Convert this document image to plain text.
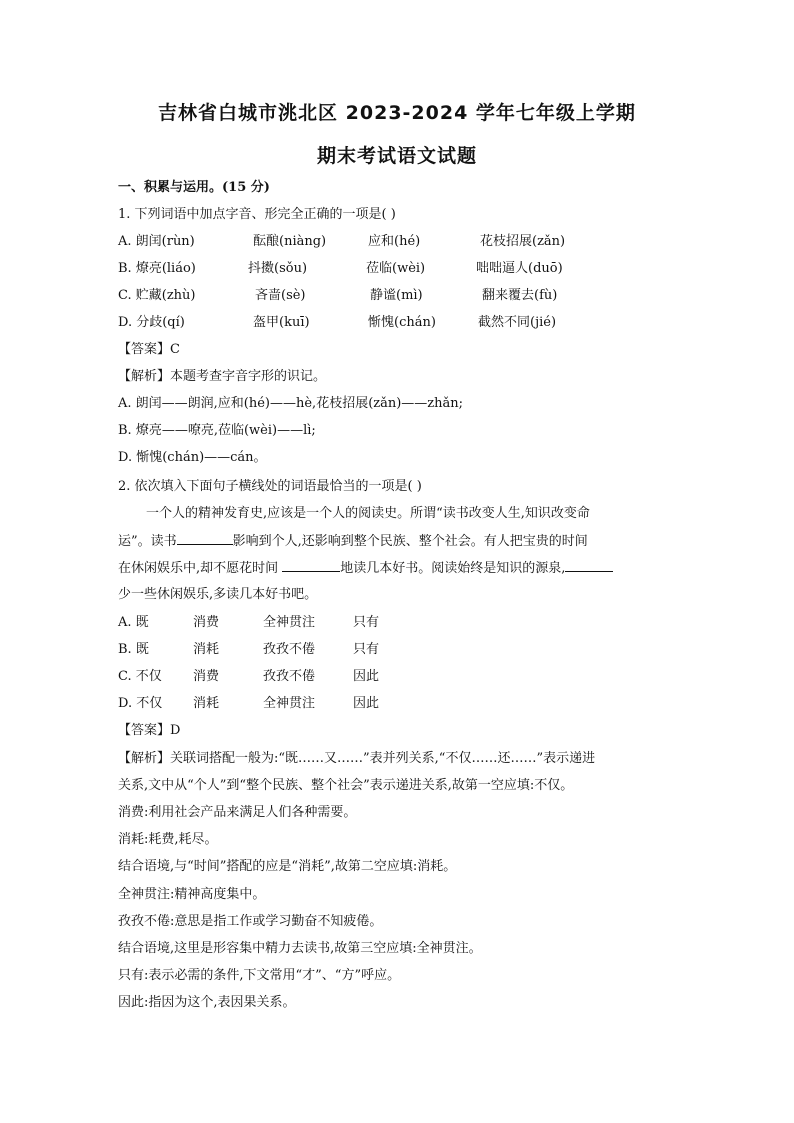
吉林省白城市洮北区 2023-2024 学年七年级上学期
期末考试语文试题
一、积累与运用。(15 分)
1. 下列词语中加点字音、形完全正确的一项是( )
A. 朗闰(rùn)	酝酿(niàng)	应和(hé)	花枝招展(zǎn)
B. 燎亮(liáo)	抖擞(sǒu)	莅临(wèi)	咄咄逼人(duō)
C. 贮藏(zhù)	吝啬(sè)	静谧(mì)	翻来覆去(fù)
D. 分歧(qí)	盔甲(kuī)	惭愧(chán)	截然不同(jié)
【答案】C
【解析】本题考查字音字形的识记。
A. 朗闰——朗润,应和(hé)——hè,花枝招展(zǎn)——zhǎn;
B. 燎亮——嘹亮,莅临(wèi)——lì;
D. 惭愧(chán)——cán。
2. 依次填入下面句子横线处的词语最恰当的一项是( )
一个人的精神发育史,应该是一个人的阅读史。所谓“读书改变人生,知识改变命
运”。读书	影响到个人,还影响到整个民族、整个社会。有人把宝贵的时间
在休闲娱乐中,却不愿花时间	地读几本好书。阅读始终是知识的源泉,
少一些休闲娱乐,多读几本好书吧。
A. 既	消费	全神贯注	只有
B. 既	消耗	孜孜不倦	只有
C. 不仅 消费	孜孜不倦	因此
D. 不仅 消耗	全神贯注	因此
【答案】D
【解析】关联词搭配一般为:“既……又……”表并列关系,“不仅……还……”表示递进
关系,文中从“个人”到“整个民族、整个社会”表示递进关系,故第一空应填:不仅。
消费:利用社会产品来满足人们各种需要。
消耗:耗费,耗尽。
结合语境,与“时间”搭配的应是“消耗”,故第二空应填:消耗。
全神贯注:精神高度集中。
孜孜不倦:意思是指工作或学习勤奋不知疲倦。
结合语境,这里是形容集中精力去读书,故第三空应填:全神贯注。
只有:表示必需的条件,下文常用“才”、“方”呼应。
因此:指因为这个,表因果关系。
